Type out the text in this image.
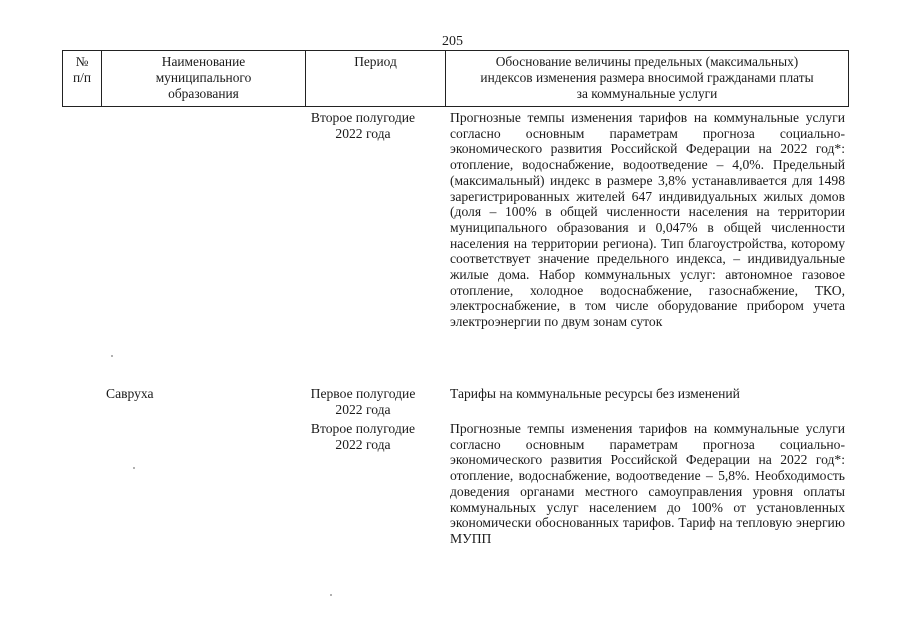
205
№
п/п
Наименование
муниципального
образования
Период	Обоснование величины предельных (максимальных)
индексов изменения размера вносимой гражданами платы
за коммунальные услуги
Второе полугодие
2022 года
Прогнозные темпы изменения тарифов на коммунальные услуги согласно основным параметрам прогноза социально-экономического развития Российской Федерации на 2022 год*: отопление, водоснабжение, водоотведение – 4,0%. Предельный (максимальный) индекс в размере 3,8% устанавливается для 1498 зарегистрированных жителей 647 индивидуальных жилых домов (доля – 100% в общей численности населения на территории муниципального образования и 0,047% в общей численности населения на территории региона). Тип благоустройства, которому соответствует значение предельного индекса, – индивидуальные жилые дома. Набор коммунальных услуг: автономное газовое отопление, холодное водоснабжение, газоснабжение, ТКО, электроснабжение, в том числе оборудование прибором учета электроэнергии по двум зонам суток
Савруха	Первое полугодие
2022 года
Тарифы на коммунальные ресурсы без изменений
Второе полугодие
2022 года
Прогнозные темпы изменения тарифов на коммунальные услуги согласно основным параметрам прогноза социально-экономического развития Российской Федерации на 2022 год*: отопление, водоснабжение, водоотведение – 5,8%. Необходимость доведения органами местного самоуправления уровня оплаты коммунальных услуг населением до 100% от установленных экономически обоснованных тарифов. Тариф на тепловую энергию МУПП
